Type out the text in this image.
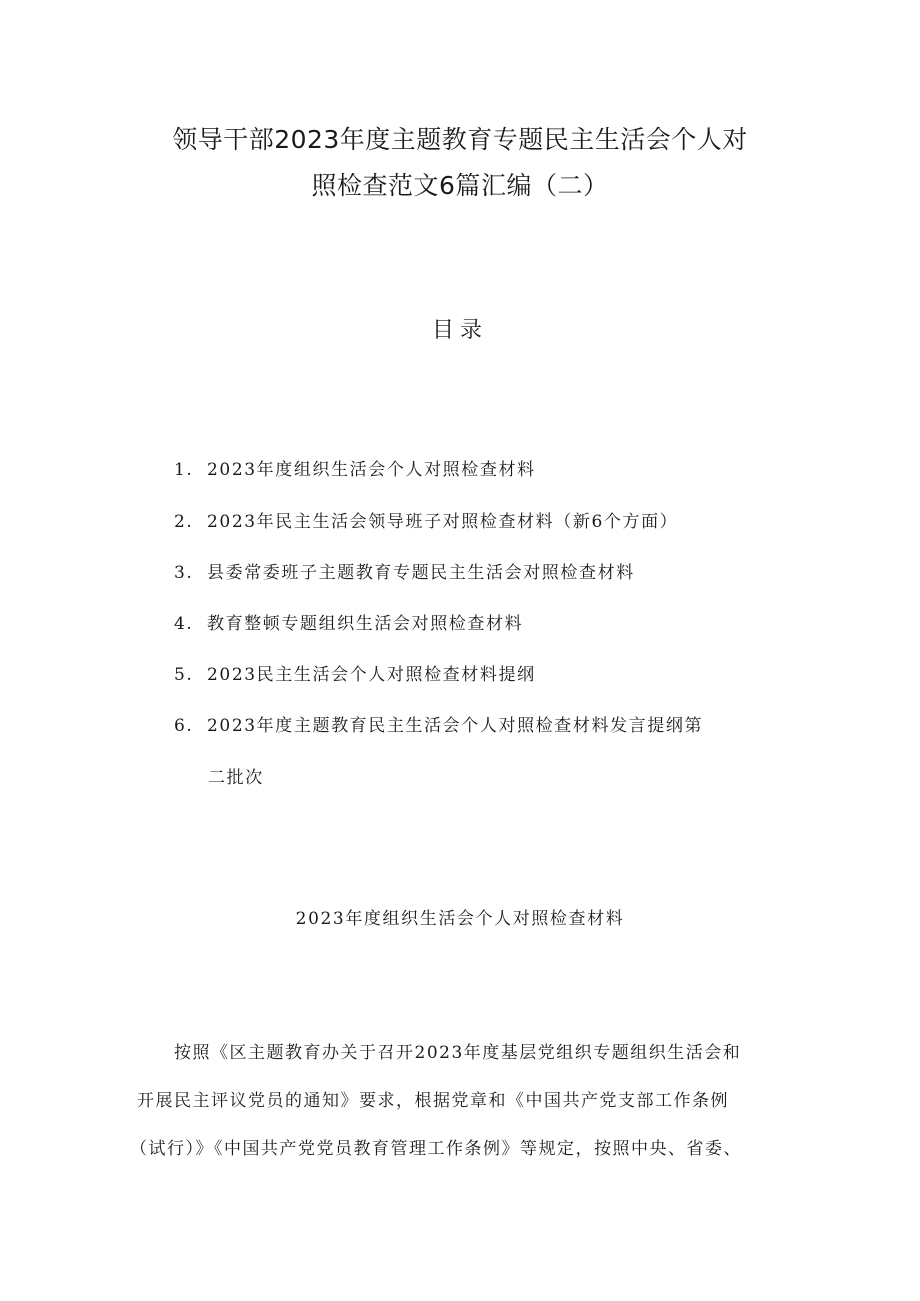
领导干部2023年度主题教育专题民主生活会个人对
照检查范文6篇汇编（二）
目录
1. 2023年度组织生活会个人对照检查材料
2. 2023年民主生活会领导班子对照检查材料（新6个方面）
3. 县委常委班子主题教育专题民主生活会对照检查材料
4. 教育整顿专题组织生活会对照检查材料
5. 2023民主生活会个人对照检查材料提纲
6. 2023年度主题教育民主生活会个人对照检查材料发言提纲第
二批次
2023年度组织生活会个人对照检查材料
按照《区主题教育办关于召开2023年度基层党组织专题组织生活会和
开展民主评议党员的通知》要求，根据党章和《中国共产党支部工作条例
（试行）》《中国共产党党员教育管理工作条例》等规定，按照中央、省委、
